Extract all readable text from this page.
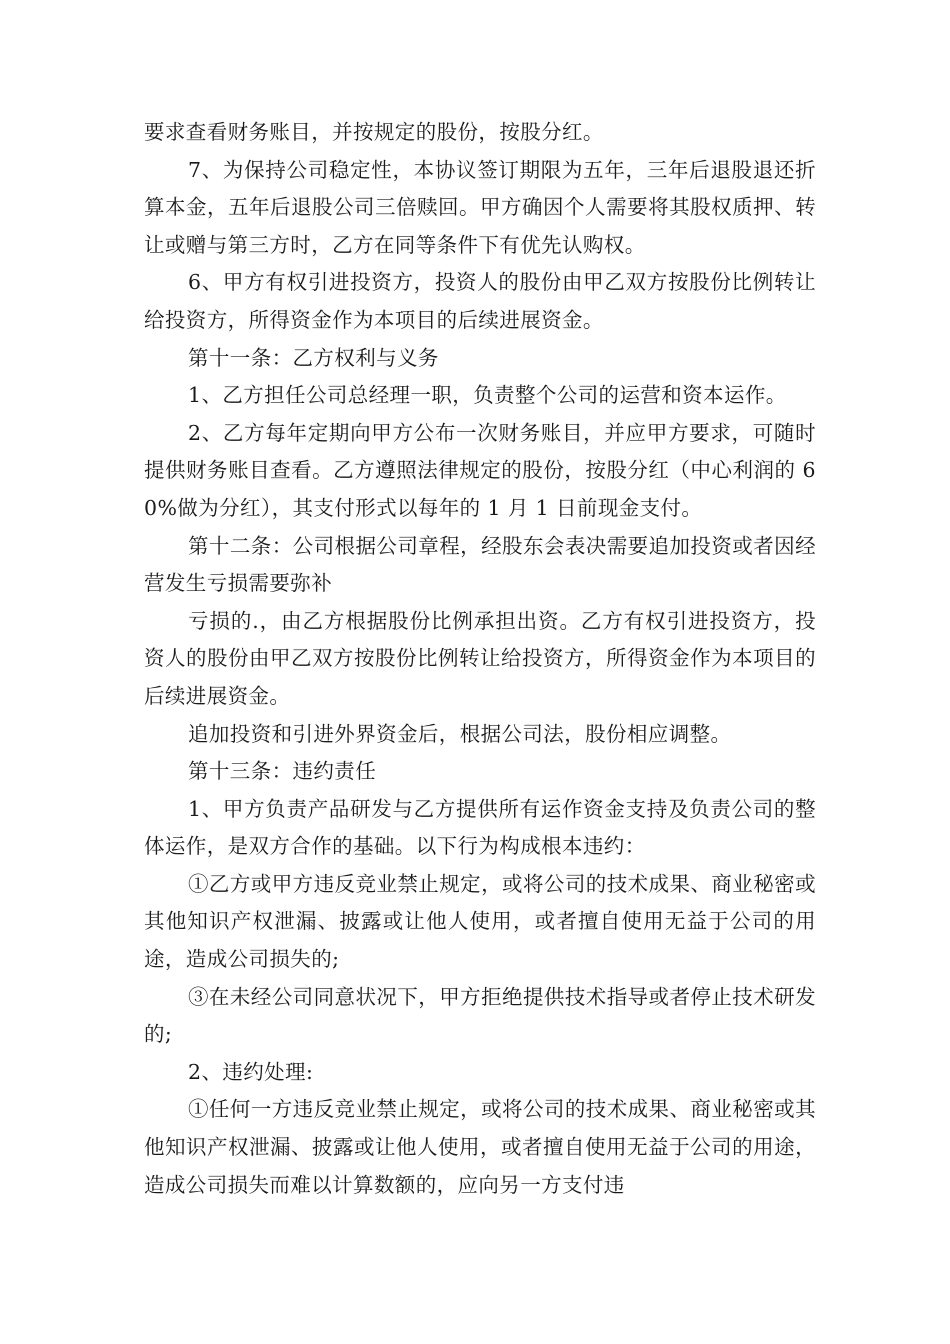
要求查看财务账目，并按规定的股份，按股分红。

7、为保持公司稳定性，本协议签订期限为五年，三年后退股退还折算本金，五年后退股公司三倍赎回。甲方确因个人需要将其股权质押、转让或赠与第三方时，乙方在同等条件下有优先认购权。

6、甲方有权引进投资方，投资人的股份由甲乙双方按股份比例转让给投资方，所得资金作为本项目的后续进展资金。

第十一条：乙方权利与义务

1、乙方担任公司总经理一职，负责整个公司的运营和资本运作。

2、乙方每年定期向甲方公布一次财务账目，并应甲方要求，可随时提供财务账目查看。乙方遵照法律规定的股份，按股分红（中心利润的 60%做为分红），其支付形式以每年的 1 月 1 日前现金支付。

第十二条：公司根据公司章程，经股东会表决需要追加投资或者因经营发生亏损需要弥补

亏损的.，由乙方根据股份比例承担出资。乙方有权引进投资方，投资人的股份由甲乙双方按股份比例转让给投资方，所得资金作为本项目的后续进展资金。

追加投资和引进外界资金后，根据公司法，股份相应调整。

第十三条：违约责任

1、甲方负责产品研发与乙方提供所有运作资金支持及负责公司的整体运作，是双方合作的基础。以下行为构成根本违约：

①乙方或甲方违反竞业禁止规定，或将公司的技术成果、商业秘密或其他知识产权泄漏、披露或让他人使用，或者擅自使用无益于公司的用途，造成公司损失的;

③在未经公司同意状况下，甲方拒绝提供技术指导或者停止技术研发的;

2、违约处理:

①任何一方违反竞业禁止规定，或将公司的技术成果、商业秘密或其他知识产权泄漏、披露或让他人使用，或者擅自使用无益于公司的用途，造成公司损失而难以计算数额的，应向另一方支付违
